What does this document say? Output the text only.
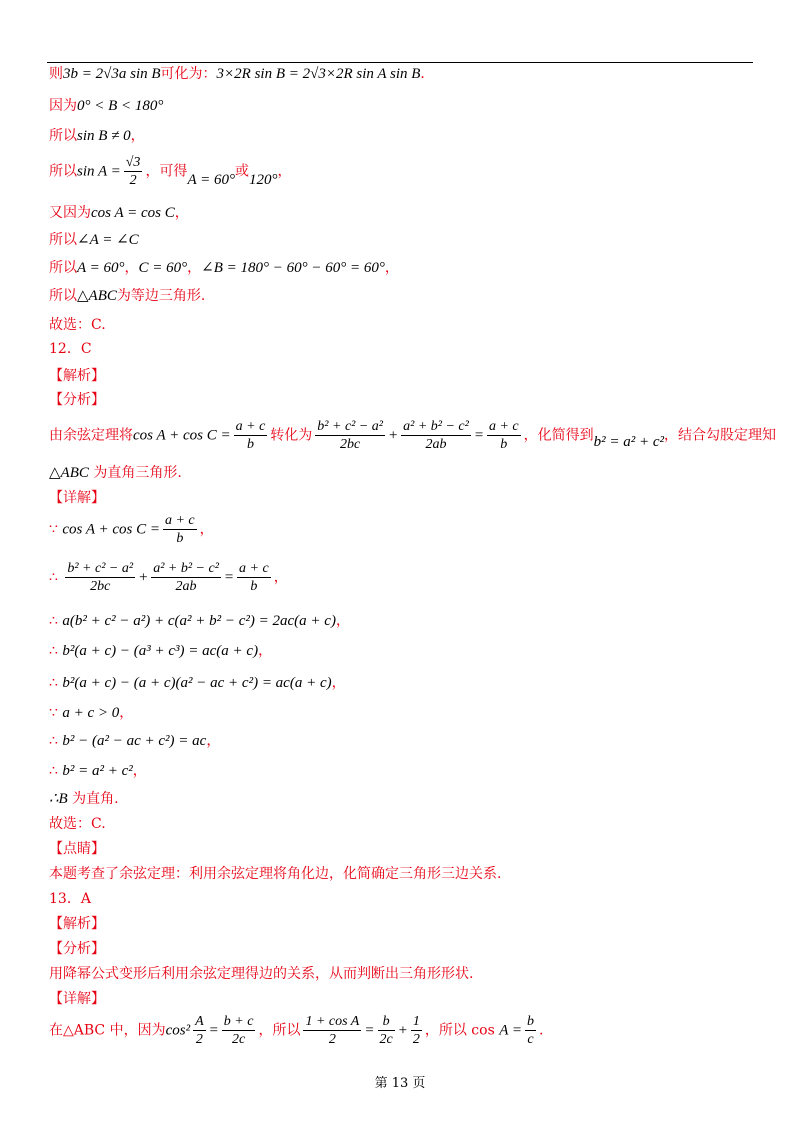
则3b = 2√3a sin B可化为：3×2R sin B = 2√3×2R sin A sin B．
因为0° < B < 180°
所以sin B ≠ 0，
所以$\sin A = \frac{√3}{2}$ ，可得A = 60°或120°，
又因为cos A = cos C，
所以∠A = ∠C
所以A = 60°，C = 60°，∠B = 180° − 60° − 60° = 60°，
所以△ABC为等边三角形.
故选：C.
12．C
【解析】
【分析】
由余弦定理将$\cos A + \cos C = \frac{a + c}{b}$ 转化为 $\frac{\text{b² + c² − a²}}{2bc} + \frac{\text{a² + b² − c²}}{2ab} = \frac{a + c}{b}$ ，化简得到b² = a² + c²，结合勾股定理知
△ABC 为直角三角形.
【详解】
∵ $\cos A + \cos C = \frac{a + c}{b}$ ，
∴ $\frac{\text{b² + c² − a²}}{2bc} + \frac{\text{a² + b² − c²}}{2ab} = \frac{a + c}{b}$ ，
∴ a(b² + c² − a²) + c(a² + b² − c²) = 2ac(a + c)，
∴ b²(a + c) − (a³ + c³) = ac(a + c)，
∴ b²(a + c) − (a + c)(a² − ac + c²) = ac(a + c)，
∵ a + c > 0，
∴ b² − (a² − ac + c²) = ac，
∴ b² = a² + c²，
∴B 为直角.
故选：C.
【点睛】
本题考查了余弦定理：利用余弦定理将角化边，化简确定三角形三边关系.
13．A
【解析】
【分析】
用降幂公式变形后利用余弦定理得边的关系，从而判断出三角形形状.
【详解】
在△ABC 中，因为$\cos^2 \frac{A}{2} = \frac{b + c}{2c}$ ，所以 $\frac{\text{1 + cos A}}{2} = \frac{b}{2c} + \frac{1}{2}$ ，所以 $\cos A = \frac{b}{c}$ .
第 13 页
